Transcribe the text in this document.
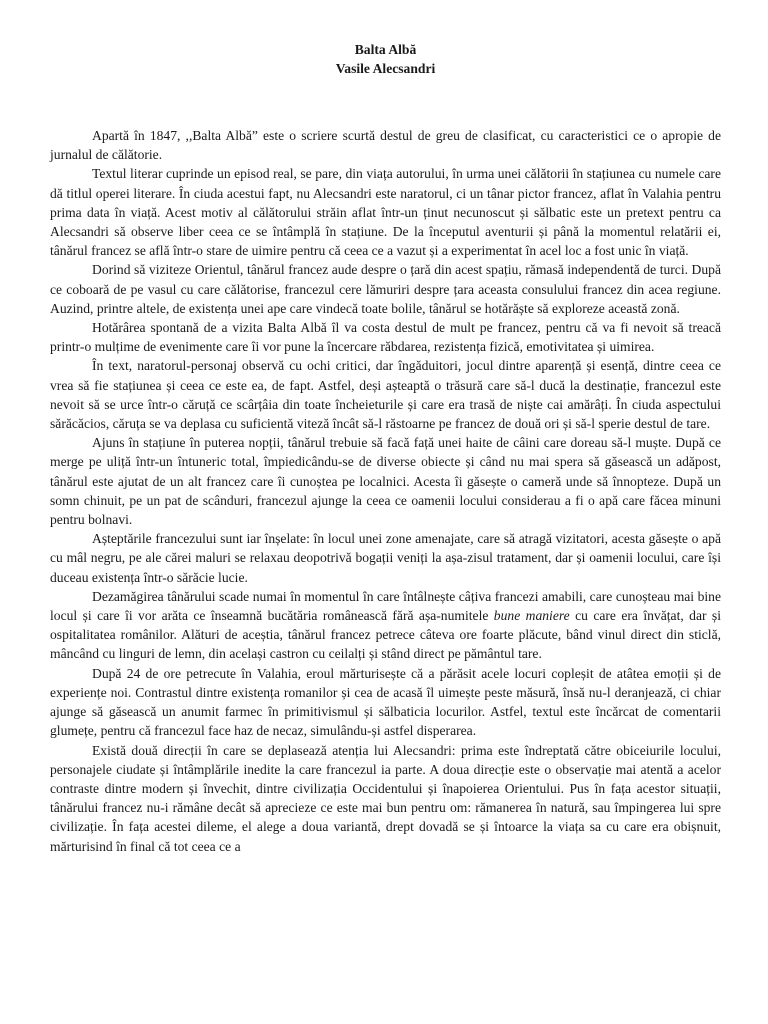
Balta Albă
Vasile Alecsandri

Apartă în 1847, ,,Balta Albă” este o scriere scurtă destul de greu de clasificat, cu caracteristici ce o apropie de jurnalul de călătorie.

Textul literar cuprinde un episod real, se pare, din viața autorului, în urma unei călătorii în stațiunea cu numele care dă titlul operei literare. În ciuda acestui fapt, nu Alecsandri este naratorul, ci un tânar pictor francez, aflat în Valahia pentru prima data în viață. Acest motiv al călătorului străin aflat într-un ținut necunoscut și sălbatic este un pretext pentru ca Alecsandri să observe liber ceea ce se întâmplă în stațiune. De la începutul aventurii și până la momentul relatării ei, tânărul francez se află într-o stare de uimire pentru că ceea ce a vazut și a experimentat în acel loc a fost unic în viață.

Dorind să viziteze Orientul, tânărul francez aude despre o țară din acest spațiu, rămasă independentă de turci. După ce coboară de pe vasul cu care călătorise, francezul cere lămuriri despre țara aceasta consulului francez din acea regiune. Auzind, printre altele, de existența unei ape care vindecă toate bolile, tânărul se hotărăște să exploreze această zonă.

Hotărârea spontană de a vizita Balta Albă îl va costa destul de mult pe francez, pentru că va fi nevoit să treacă printr-o mulțime de evenimente care îi vor pune la încercare răbdarea, rezistența fizică, emotivitatea și uimirea.

În text, naratorul-personaj observă cu ochi critici, dar îngăduitori, jocul dintre aparență și esență, dintre ceea ce vrea să fie stațiunea și ceea ce este ea, de fapt. Astfel, deși așteaptă o trăsură care să-l ducă la destinație, francezul este nevoit să se urce într-o căruță ce scârțâia din toate încheieturile și care era trasă de niște cai amărâți. În ciuda aspectului sărăcăcios, căruța se va deplasa cu suficientă viteză încât să-l răstoarne pe francez de două ori și să-l sperie destul de tare.

Ajuns în stațiune în puterea nopții, tânărul trebuie să facă față unei haite de câini care doreau să-l muște. După ce merge pe uliță într-un întuneric total, împiedicându-se de diverse obiecte și când nu mai spera să găsească un adăpost, tânărul este ajutat de un alt francez care îi cunoștea pe localnici. Acesta îi găsește o cameră unde să înnopteze. După un somn chinuit, pe un pat de scânduri, francezul ajunge la ceea ce oamenii locului considerau a fi o apă care făcea minuni pentru bolnavi.

Așteptările francezului sunt iar înșelate: în locul unei zone amenajate, care să atragă vizitatori, acesta găsește o apă cu mâl negru, pe ale cărei maluri se relaxau deopotrivă bogații veniți la așa-zisul tratament, dar și oamenii locului, care își duceau existența într-o sărăcie lucie.

Dezamăgirea tânărului scade numai în momentul în care întâlnește câțiva francezi amabili, care cunoșteau mai bine locul și care îi vor arăta ce înseamnă bucătăria românească fără așa-numitele bune maniere cu care era învățat, dar și ospitalitatea românilor. Alături de aceștia, tânărul francez petrece câteva ore foarte plăcute, bând vinul direct din sticlă, mâncând cu linguri de lemn, din același castron cu ceilalți și stând direct pe pământul tare.

După 24 de ore petrecute în Valahia, eroul mărturisește că a părăsit acele locuri copleșit de atâtea emoții și de experiențe noi. Contrastul dintre existența romanilor și cea de acasă îl uimește peste măsură, însă nu-l deranjează, ci chiar ajunge să găsească un anumit farmec în primitivismul și sălbaticia locurilor. Astfel, textul este încărcat de comentarii glumețe, pentru că francezul face haz de necaz, simulându-și astfel disperarea.

Există două direcții în care se deplasează atenția lui Alecsandri: prima este îndreptată către obiceiurile locului, personajele ciudate și întâmplările inedite la care francezul ia parte. A doua direcție este o observație mai atentă a acelor contraste dintre modern și învechit, dintre civilizația Occidentului și înapoierea Orientului. Pus în fața acestor situații, tânărului francez nu-i rămâne decât să aprecieze ce este mai bun pentru om: rămanerea în natură, sau împingerea lui spre civilizație. În fața acestei dileme, el alege a doua variantă, drept dovadă se și întoarce la viața sa cu care era obișnuit, mărturisind în final că tot ceea ce a
